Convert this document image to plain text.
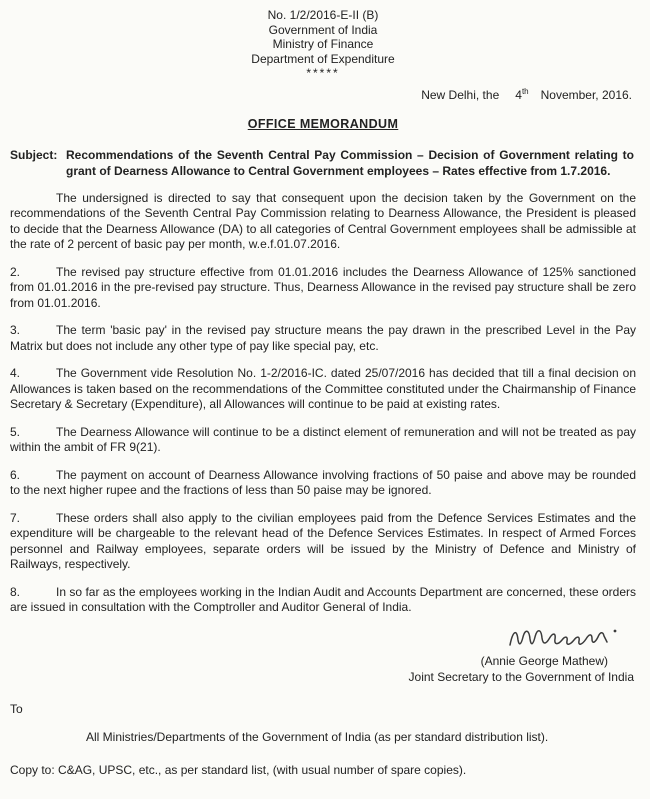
No. 1/2/2016-E-II (B)
Government of India
Ministry of Finance
Department of Expenditure
*****
New Delhi, the 4th November, 2016.
OFFICE MEMORANDUM
Subject: Recommendations of the Seventh Central Pay Commission – Decision of Government relating to grant of Dearness Allowance to Central Government employees – Rates effective from 1.7.2016.

The undersigned is directed to say that consequent upon the decision taken by the Government on the recommendations of the Seventh Central Pay Commission relating to Dearness Allowance, the President is pleased to decide that the Dearness Allowance (DA) to all categories of Central Government employees shall be admissible at the rate of 2 percent of basic pay per month, w.e.f.01.07.2016.

2.	The revised pay structure effective from 01.01.2016 includes the Dearness Allowance of 125% sanctioned from 01.01.2016 in the pre-revised pay structure. Thus, Dearness Allowance in the revised pay structure shall be zero from 01.01.2016.

3.	The term 'basic pay' in the revised pay structure means the pay drawn in the prescribed Level in the Pay Matrix but does not include any other type of pay like special pay, etc.

4.	The Government vide Resolution No. 1-2/2016-IC. dated 25/07/2016 has decided that till a final decision on Allowances is taken based on the recommendations of the Committee constituted under the Chairmanship of Finance Secretary & Secretary (Expenditure), all Allowances will continue to be paid at existing rates.

5.	The Dearness Allowance will continue to be a distinct element of remuneration and will not be treated as pay within the ambit of FR 9(21).

6.	The payment on account of Dearness Allowance involving fractions of 50 paise and above may be rounded to the next higher rupee and the fractions of less than 50 paise may be ignored.

7.	These orders shall also apply to the civilian employees paid from the Defence Services Estimates and the expenditure will be chargeable to the relevant head of the Defence Services Estimates. In respect of Armed Forces personnel and Railway employees, separate orders will be issued by the Ministry of Defence and Ministry of Railways, respectively.

8.	In so far as the employees working in the Indian Audit and Accounts Department are concerned, these orders are issued in consultation with the Comptroller and Auditor General of India.

(Annie George Mathew)
Joint Secretary to the Government of India
To
All Ministries/Departments of the Government of India (as per standard distribution list).
Copy to: C&AG, UPSC, etc., as per standard list, (with usual number of spare copies).
